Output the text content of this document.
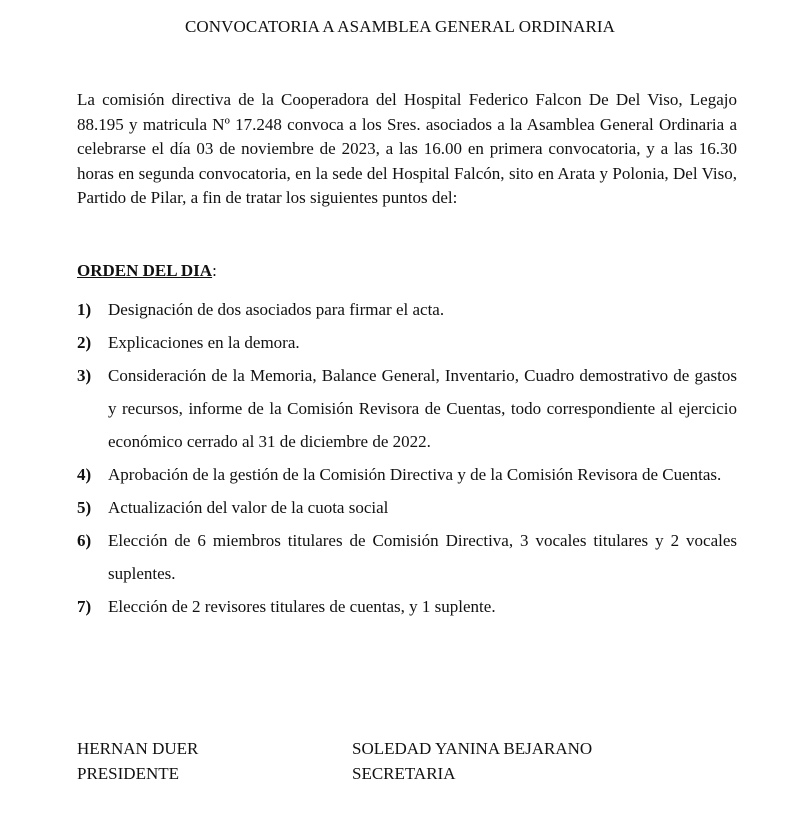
CONVOCATORIA A ASAMBLEA GENERAL ORDINARIA
La comisión directiva de la Cooperadora del Hospital Federico Falcon De Del Viso, Legajo 88.195 y matricula Nº 17.248 convoca a los Sres. asociados a la Asamblea General Ordinaria a celebrarse el día 03 de noviembre de 2023, a las 16.00 en primera convocatoria, y a las 16.30 horas en segunda convocatoria, en la sede del Hospital Falcón, sito en Arata y Polonia, Del Viso, Partido de Pilar, a fin de tratar los siguientes puntos del:
ORDEN DEL DIA:
1) Designación de dos asociados para firmar el acta.
2) Explicaciones en la demora.
3) Consideración de la Memoria, Balance General, Inventario, Cuadro demostrativo de gastos y recursos, informe de la Comisión Revisora de Cuentas, todo correspondiente al ejercicio económico cerrado al 31 de diciembre de 2022.
4) Aprobación de la gestión de la Comisión Directiva y de la Comisión Revisora de Cuentas.
5) Actualización del valor de la cuota social
6) Elección de 6 miembros titulares de Comisión Directiva, 3 vocales titulares y 2 vocales suplentes.
7) Elección de 2 revisores titulares de cuentas, y 1 suplente.
HERNAN DUER
PRESIDENTE
SOLEDAD YANINA BEJARANO
SECRETARIA
